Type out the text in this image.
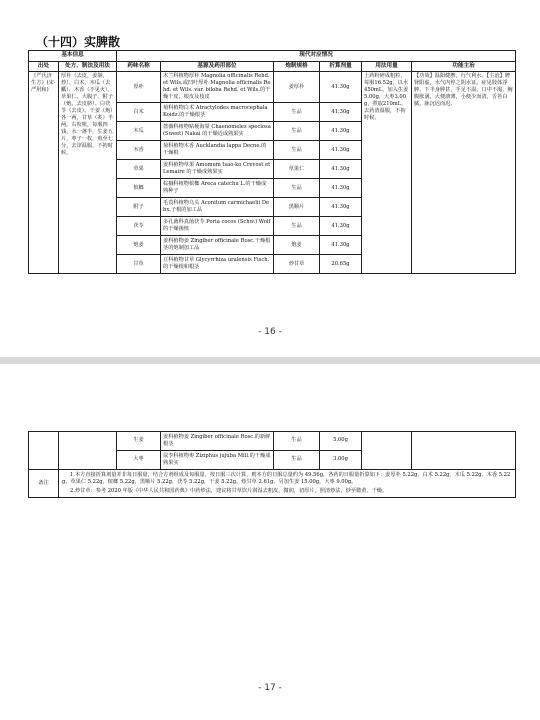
（十四）实脾散
基本信息		现代对应情况					
出处	处方、制法及用法	药味名称	基源及药用部位	炮制规格	折算剂量	用法用量	功能主治
《严氏济生方》(宋·严用和)	厚朴（去皮，姜制，炒）、白术、木瓜（去瓤）、木香（不见火）、草果仁、大腹子、附子（炮，去皮脐）、白茯苓（去皮）、干姜（炮）各一两，甘草（炙）半两。右㕮咀，每服四钱，水一盏半，生姜五片，枣子一枚，煎至七分，去滓温服，不拘时候。	厚朴	木兰科植物厚朴 Magnolia officinalis Rehd. et Wils.或凹叶厚朴 Magnolia officinalis Rehd. et Wils. var. biloba Rehd. et Wils.的干燥干皮、根皮及枝皮	姜厚朴	41.30g	上药粉碎成粗粒，每服16.52g，以水450mL，加入生姜5.00g，大枣3.00g，煮取210mL，去药渣温服，不拘时候。	【功效】温阳健脾，行气利水。【主治】脾肾阳虚，水气内停之阴水证。症见肢体浮肿，下半身肿甚，手足不温，口中不渴，胸腹胀满，大便溏薄，小便少而清，舌苔白腻，脉沉迟而迟。
		白术	菊科植物白术 Atractylodes macrocephala Koidz.的干燥根茎	生品	41.30g		
		木瓜	蔷薇科植物贴梗海棠 Chaenomeles speciosa (Sweet) Nakai 的干燥近成熟果实	生品	41.30g		
		木香	菊科植物木香 Aucklandia lappa Decne.的干燥根	生品	41.30g		
		草果	姜科植物草果 Amomum tsao-ko Crevost et Lemaire 的干燥成熟果实	草果仁	41.30g		
		槟榔	棕榈科植物槟榔 Areca catechu L.的干燥成熟种子	生品	41.30g		
		附子	毛茛科植物乌头 Aconitum carmichaelii Debx.子根的加工品	黑顺片	41.30g		
		茯苓	多孔菌科真菌茯苓 Poria cocos (Schw.) Wolf 的干燥菌核	生品	41.30g		
		炮姜	姜科植物姜 Zingiber officinale Rosc.干燥根茎的炮制加工品	炮姜	41.30g		
		甘草	豆科植物甘草 Glycyrrhiza uralensis Fisch.的干燥根和根茎	炒甘草	20.65g		
- 16 -
- 17 -
		生姜	姜科植物姜 Zingiber officinale Rosc.的新鲜根茎	生品	5.00g		
		大枣	鼠李科植物枣 Ziziphus jujuba Mill.的干燥成熟果实	生品	3.00g		
备注	1.本方直接折算剂量并非每日服量，结合方剂组成及每服量，按日服三次计算，则本方的日服总量约为 49.56g，各药的日服量折算如下：姜厚朴 5.22g，白术 5.22g，木瓜 5.22g，木香 5.22g，草果仁 5.22g，槟榔 5.22g，黑顺片 5.22g，茯苓 5.22g，干姜 5.22g，炒甘草 2.61g，另加生姜 15.00g，大枣 9.00g。
2.炒甘草：参考 2020 年版《中华人民共和国药典》中药炒法，建议将甘草饮片润湿去粗皮，微润，切厚片，照清炒法，炒至微黄，干燥。						
